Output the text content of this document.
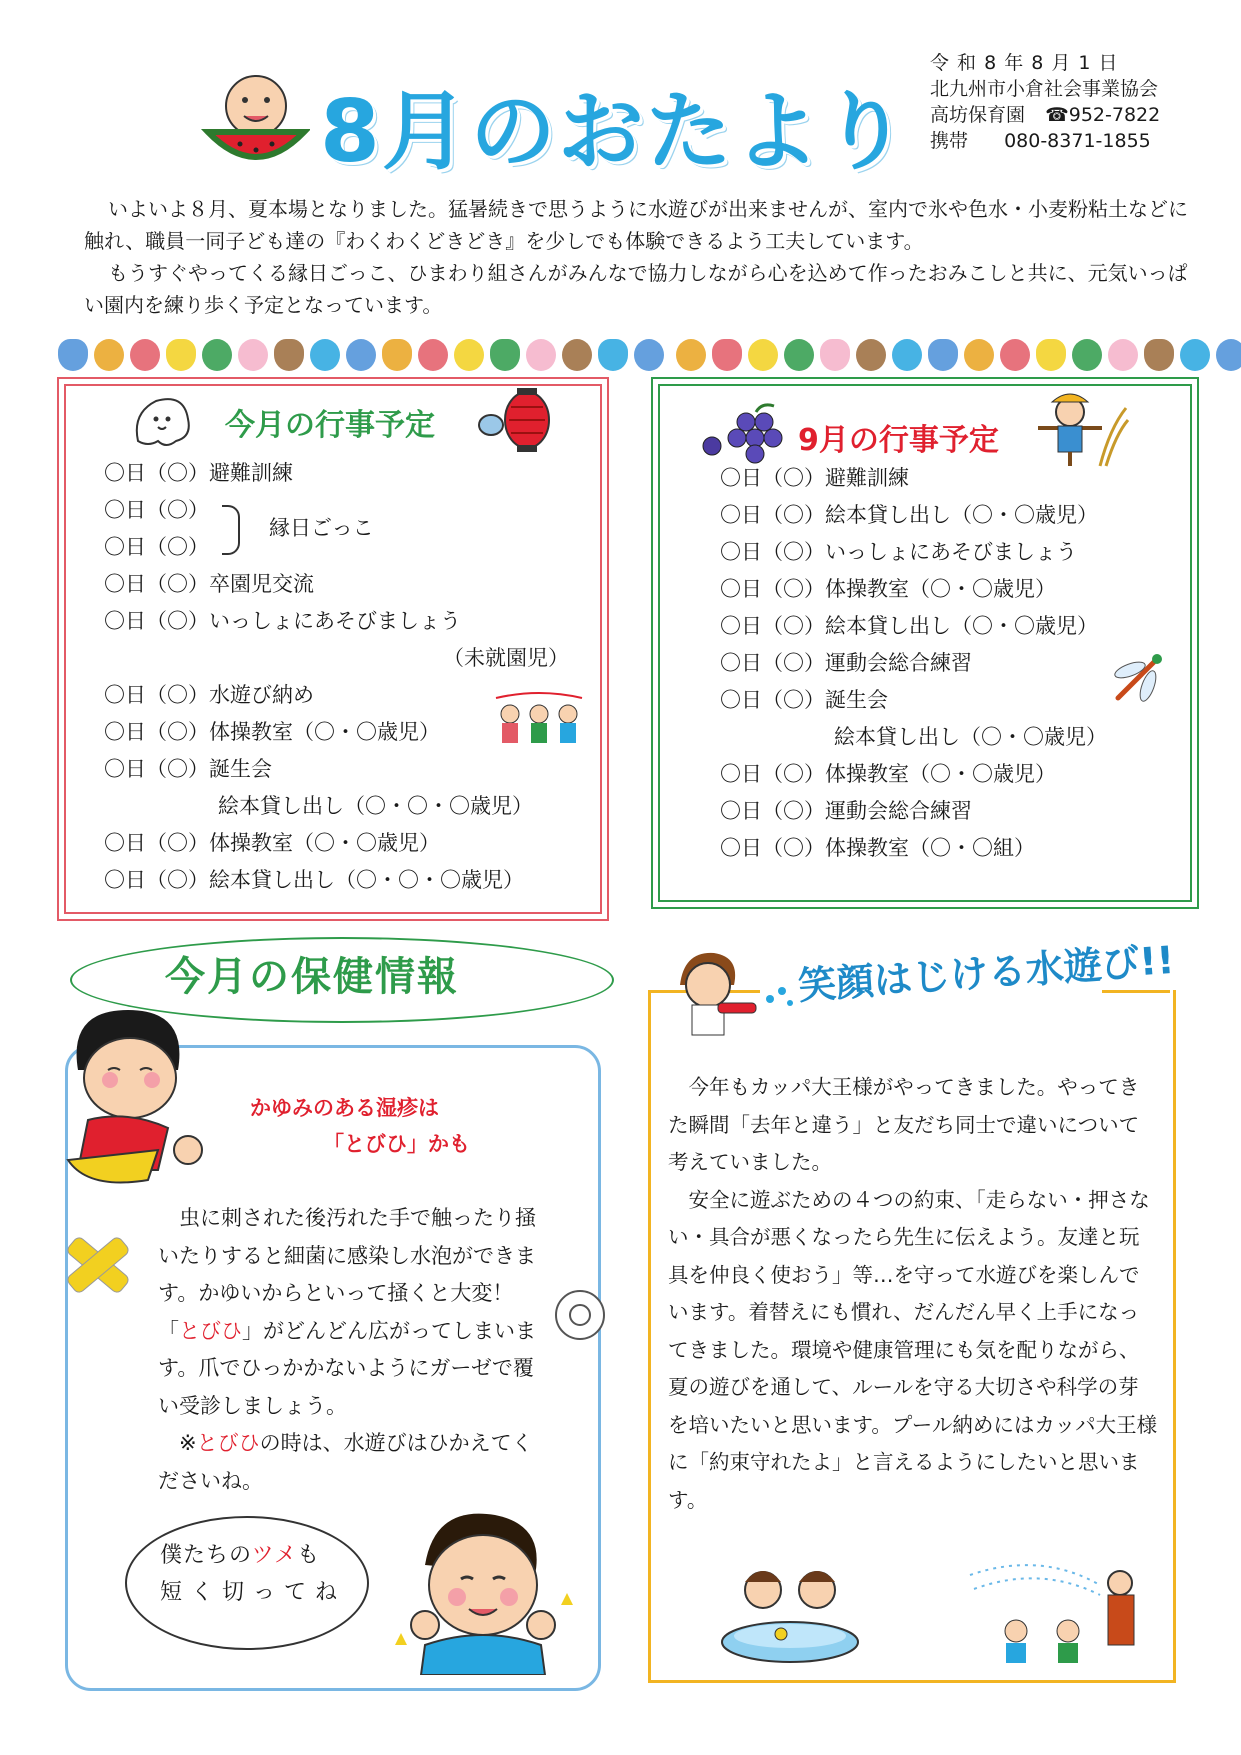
8月のおたより
令 和 8 年 8 月 1 日
北九州市小倉社会事業協会
高坊保育園 ☎952-7822
携帯 080-8371-1855

いよいよ８月、夏本場となりました。猛暑続きで思うように水遊びが出来ませんが、室内で氷や色水・小麦粉粘土などに触れ、職員一同子ども達の『わくわくどきどき』を少しでも体験できるよう工夫しています。

もうすぐやってくる縁日ごっこ、ひまわり組さんがみんなで協力しながら心を込めて作ったおみこしと共に、元気いっぱい園内を練り歩く予定となっています。

今月の行事予定
〇日（〇）避難訓練
〇日（〇）
〇日（〇）
縁日ごっこ
〇日（〇）卒園児交流
〇日（〇）いっしょにあそびましょう
（未就園児）
〇日（〇）水遊び納め
〇日（〇）体操教室（〇・〇歳児）
〇日（〇）誕生会
絵本貸し出し（〇・〇・〇歳児）
〇日（〇）体操教室（〇・〇歳児）
〇日（〇）絵本貸し出し（〇・〇・〇歳児）
9月の行事予定
〇日（〇）避難訓練
〇日（〇）絵本貸し出し（〇・〇歳児）
〇日（〇）いっしょにあそびましょう
〇日（〇）体操教室（〇・〇歳児）
〇日（〇）絵本貸し出し（〇・〇歳児）
〇日（〇）運動会総合練習
〇日（〇）誕生会
絵本貸し出し（〇・〇歳児）
〇日（〇）体操教室（〇・〇歳児）
〇日（〇）運動会総合練習
〇日（〇）体操教室（〇・〇組）
今月の保健情報
かゆみのある湿疹は
「とびひ」かも

虫に刺された後汚れた手で触ったり掻いたりすると細菌に感染し水泡ができます。かゆいからといって掻くと大変！「とびひ」がどんどん広がってしまいます。爪でひっかかないようにガーゼで覆い受診しましょう。

※とびひの時は、水遊びはひかえてくださいね。

僕たちのツメも
短く切ってね
笑顔はじける水遊び!!

今年もカッパ大王様がやってきました。やってきた瞬間「去年と違う」と友だち同士で違いについて考えていました。

安全に遊ぶための４つの約束、「走らない・押さない・具合が悪くなったら先生に伝えよう。友達と玩具を仲良く使おう」等…を守って水遊びを楽しんでいます。着替えにも慣れ、だんだん早く上手になってきました。環境や健康管理にも気を配りながら、夏の遊びを通して、ルールを守る大切さや科学の芽を培いたいと思います。プール納めにはカッパ大王様に「約束守れたよ」と言えるようにしたいと思います。
